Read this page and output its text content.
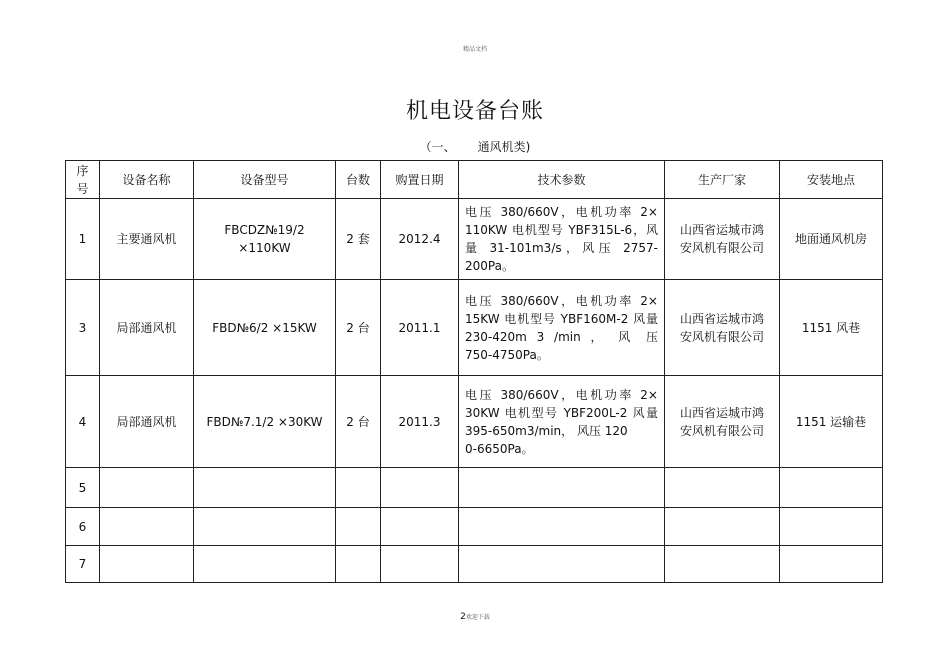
精品文档
机电设备台账
（一、 通风机类)
序
号	设备名称	设备型号	台数	购置日期	技术参数	生产厂家	安装地点
1	主要通风机	FBCDZ№19/2 ×110KW	2 套	2012.4	电压 380/660V，电机功率 2×
110KW 电机型号 YBF315L-6，风
量 31-101m3/s，风压 2757-200Pa。	山西省运城市鸿
安风机有限公司	地面通风机房
3	局部通风机	FBD№6/2 ×15KW	2 台	2011.1	电压 380/660V，电机功率 2×
15KW 电机型号 YBF160M-2 风量
230-420m 3 /min ， 风 压
750-4750Pa。	山西省运城市鸿
安风机有限公司	1151 风巷
4	局部通风机	FBD№7.1/2 ×30KW	2 台	2011.3	电压 380/660V，电机功率 2×
30KW 电机型号 YBF200L-2 风量
395-650m3/min， 风压 120
0-6650Pa。	山西省运城市鸿
安风机有限公司	1151 运输巷
5							
6							
7							
2欢迎下载
